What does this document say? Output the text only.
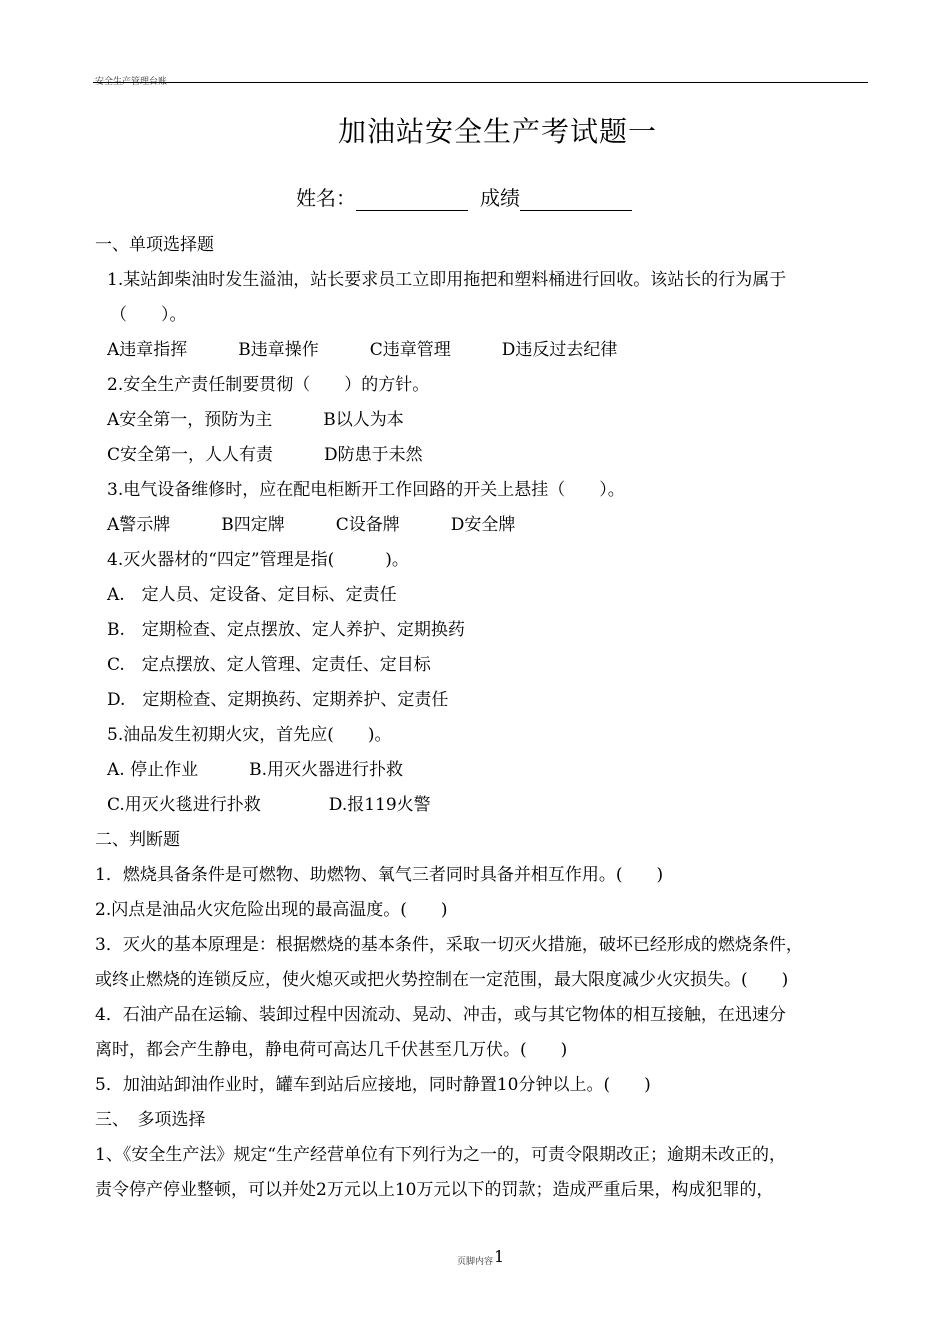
安全生产管理台账
加油站安全生产考试题一
姓名：	成绩
一、单项选择题
1.某站卸柴油时发生溢油，站长要求员工立即用拖把和塑料桶进行回收。该站长的行为属于
（　　）。
A违章指挥　　　B违章操作　　　C违章管理　　　D违反过去纪律
2.安全生产责任制要贯彻（　　）的方针。
A安全第一，预防为主　　　B以人为本
C安全第一，人人有责　　　D防患于未然
3.电气设备维修时，应在配电柜断开工作回路的开关上悬挂（　　）。
A警示牌　　　B四定牌　　　C设备牌　　　D安全牌
4.灭火器材的“四定”管理是指(　　　)。
A.　定人员、定设备、定目标、定责任
B.　定期检查、定点摆放、定人养护、定期换药
C.　定点摆放、定人管理、定责任、定目标
D.　定期检查、定期换药、定期养护、定责任
5.油品发生初期火灾，首先应(　　)。
A. 停止作业　　　B.用灭火器进行扑救
C.用灭火毯进行扑救　　　　D.报119火警
二、判断题
1．燃烧具备条件是可燃物、助燃物、氧气三者同时具备并相互作用。(　　)
2.闪点是油品火灾危险出现的最高温度。(　　)
3．灭火的基本原理是：根据燃烧的基本条件，采取一切灭火措施，破坏已经形成的燃烧条件，
或终止燃烧的连锁反应，使火熄灭或把火势控制在一定范围，最大限度减少火灾损失。(　　)
4．石油产品在运输、装卸过程中因流动、晃动、冲击，或与其它物体的相互接触，在迅速分
离时，都会产生静电，静电荷可高达几千伏甚至几万伏。(　　)
5．加油站卸油作业时，罐车到站后应接地，同时静置10分钟以上。(　　)
三、　多项选择
1、《安全生产法》规定“生产经营单位有下列行为之一的，可责令限期改正；逾期未改正的，
责令停产停业整顿，可以并处2万元以上10万元以下的罚款；造成严重后果，构成犯罪的，
页脚内容1
